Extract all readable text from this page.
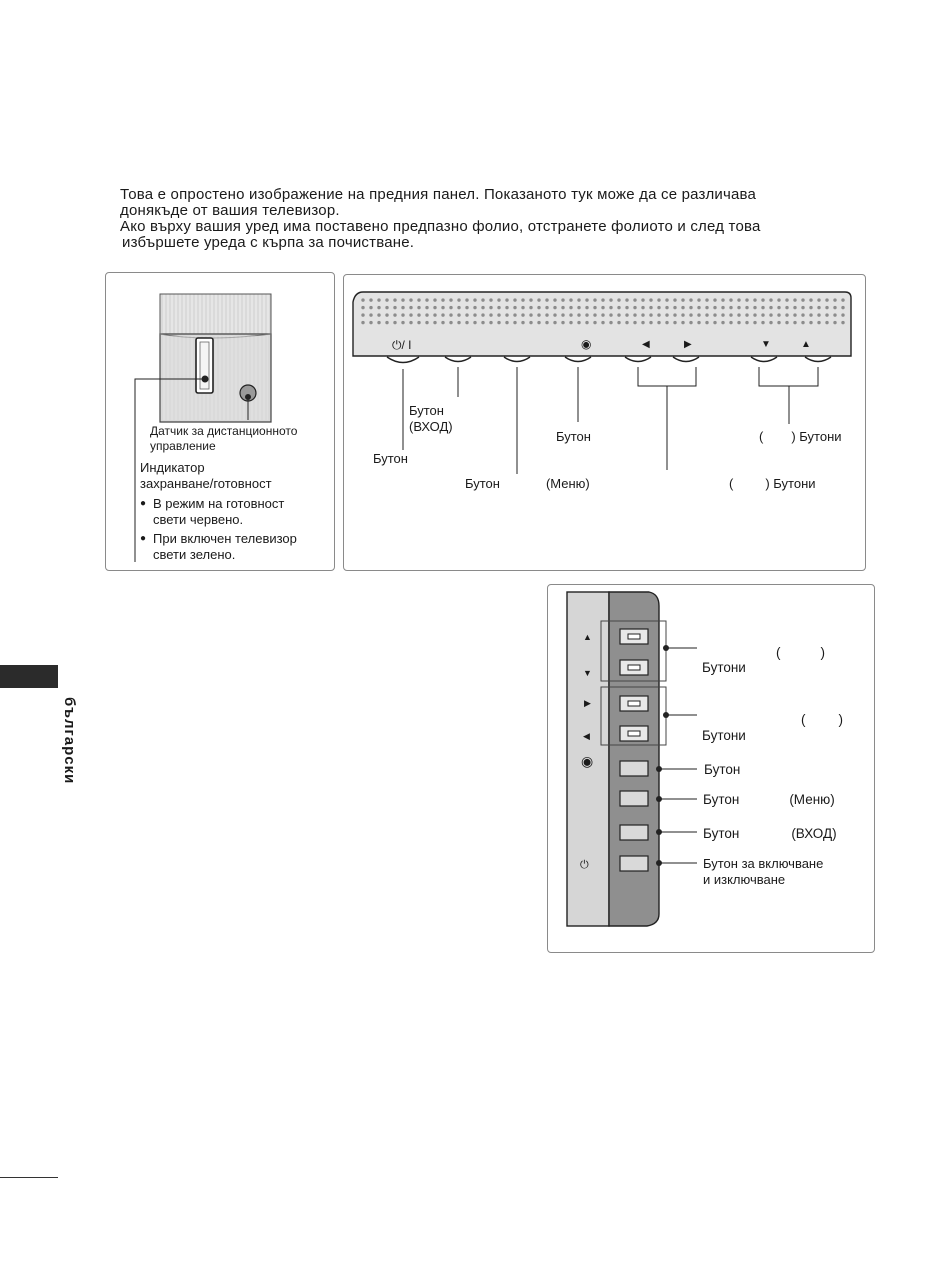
Това е опростено изображение на предния панел. Показаното тук може да се различава

донякъде от вашия телевизор.

Ако върху вашия уред има поставено предпазно фолио, отстранете фолиото и след това

избършете уреда с кърпа за почистване.

Датчик за дистанционното
управление
Индикатор
захранване/готовност
● В режим на готовност
свети червено.
● При включен телевизор
свети зелено.
⏻/ I	◉	◀	▶	▼	▲
Бутон
(ВХОД)
Бутон	( ) Бутони
Бутон
Бутон	(Меню)	( ) Бутони
▲
▼
▶
◀
◉
⏻
(	)
Бутони
( )
Бутони
Бутон
Бутон	(Меню)
Бутон	(ВХОД)
Бутон за включване
и изключване
български
